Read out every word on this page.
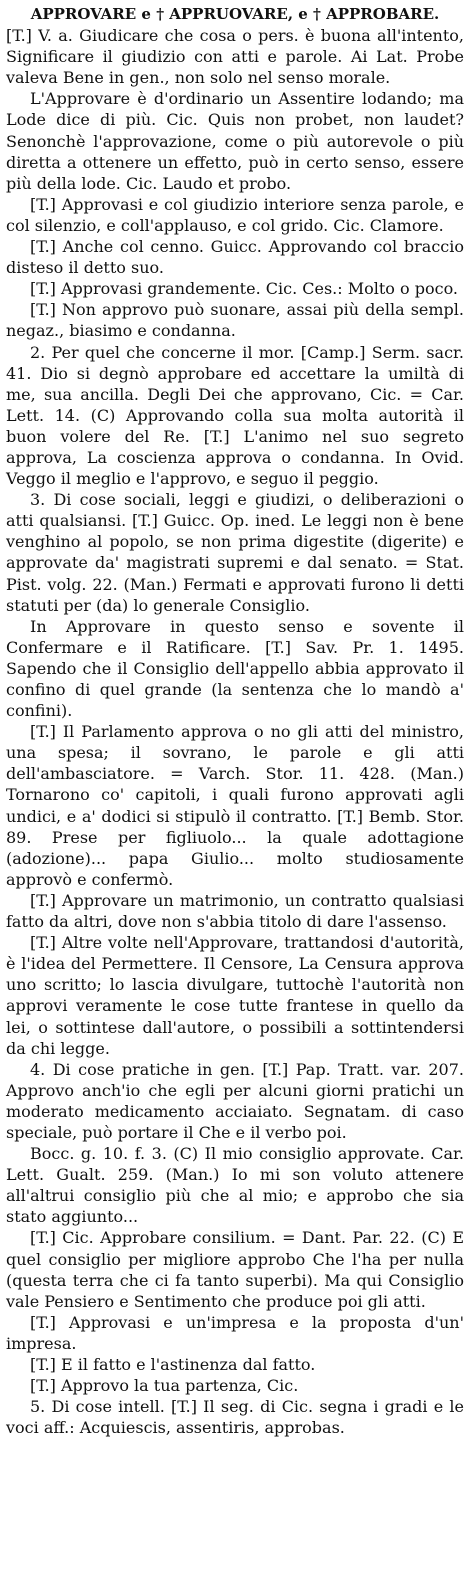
APPROVARE e † APPRUOVARE, e † APPROBARE.

[T.] V. a. Giudicare che cosa o pers. è buona all'intento, Significare il giudizio con atti e parole. Ai Lat. Probe valeva Bene in gen., non solo nel senso morale.

L'Approvare è d'ordinario un Assentire lodando; ma Lode dice di più. Cic. Quis non probet, non laudet? Senonchè l'approvazione, come o più autorevole o più diretta a ottenere un effetto, può in certo senso, essere più della lode. Cic. Laudo et probo.

[T.] Approvasi e col giudizio interiore senza parole, e col silenzio, e coll'applauso, e col grido. Cic. Clamore.

[T.] Anche col cenno. Guicc. Approvando col braccio disteso il detto suo.

[T.] Approvasi grandemente. Cic. Ces.: Molto o poco.

[T.] Non approvo può suonare, assai più della sempl. negaz., biasimo e condanna.

2. Per quel che concerne il mor. [Camp.] Serm. sacr. 41. Dio si degnò approbare ed accettare la umiltà di me, sua ancilla. Degli Dei che approvano, Cic. = Car. Lett. 14. (C) Approvando colla sua molta autorità il buon volere del Re. [T.] L'animo nel suo segreto approva, La coscienza approva o condanna. In Ovid. Veggo il meglio e l'approvo, e seguo il peggio.

3. Di cose sociali, leggi e giudizi, o deliberazioni o atti qualsiansi. [T.] Guicc. Op. ined. Le leggi non è bene venghino al popolo, se non prima digestite (digerite) e approvate da' magistrati supremi e dal senato. = Stat. Pist. volg. 22. (Man.) Fermati e approvati furono li detti statuti per (da) lo generale Consiglio.

In Approvare in questo senso e sovente il Confermare e il Ratificare. [T.] Sav. Pr. 1. 1495. Sapendo che il Consiglio dell'appello abbia approvato il confino di quel grande (la sentenza che lo mandò a' confini).

[T.] Il Parlamento approva o no gli atti del ministro, una spesa; il sovrano, le parole e gli atti dell'ambasciatore. = Varch. Stor. 11. 428. (Man.) Tornarono co' capitoli, i quali furono approvati agli undici, e a' dodici si stipulò il contratto. [T.] Bemb. Stor. 89. Prese per figliuolo... la quale adottagione (adozione)... papa Giulio... molto studiosamente approvò e confermò.

[T.] Approvare un matrimonio, un contratto qualsiasi fatto da altri, dove non s'abbia titolo di dare l'assenso.

[T.] Altre volte nell'Approvare, trattandosi d'autorità, è l'idea del Permettere. Il Censore, La Censura approva uno scritto; lo lascia divulgare, tuttochè l'autorità non approvi veramente le cose tutte frantese in quello da lei, o sottintese dall'autore, o possibili a sottintendersi da chi legge.

4. Di cose pratiche in gen. [T.] Pap. Tratt. var. 207. Approvo anch'io che egli per alcuni giorni pratichi un moderato medicamento acciaiato. Segnatam. di caso speciale, può portare il Che e il verbo poi.

Bocc. g. 10. f. 3. (C) Il mio consiglio approvate. Car. Lett. Gualt. 259. (Man.) Io mi son voluto attenere all'altrui consiglio più che al mio; e approbo che sia stato aggiunto...

[T.] Cic. Approbare consilium. = Dant. Par. 22. (C) E quel consiglio per migliore approbo Che l'ha per nulla (questa terra che ci fa tanto superbi). Ma qui Consiglio vale Pensiero e Sentimento che produce poi gli atti.

[T.] Approvasi e un'impresa e la proposta d'un' impresa.

[T.] E il fatto e l'astinenza dal fatto.

[T.] Approvo la tua partenza, Cic.

5. Di cose intell. [T.] Il seg. di Cic. segna i gradi e le voci aff.: Acquiescis, assentiris, approbas.
